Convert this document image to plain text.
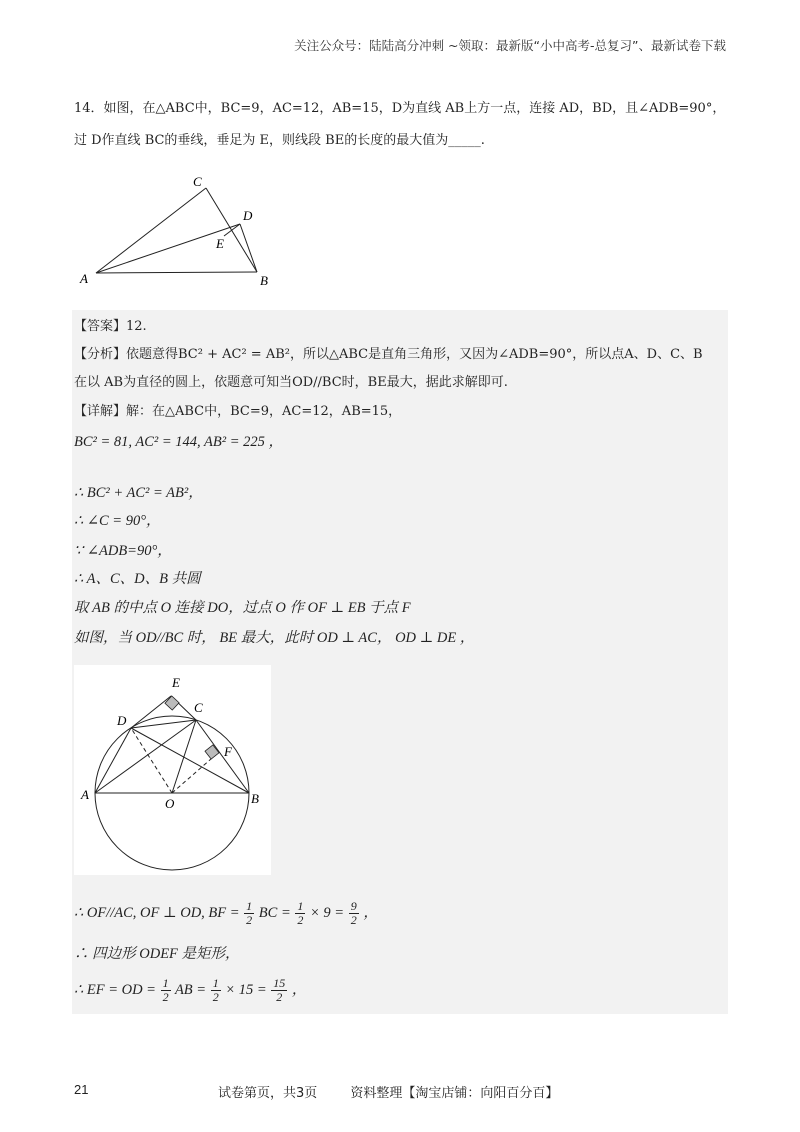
关注公众号：陆陆高分冲刺 ~领取：最新版“小中高考-总复习”、最新试卷下载
14．如图，在△ABC中，BC=9，AC=12，AB=15，D为直线 AB上方一点，连接 AD，BD，且∠ADB=90°，
过 D作直线 BC的垂线，垂足为 E，则线段 BE的长度的最大值为_____.
C
D
E
A	B
【答案】12.
【分析】依题意得BC² + AC² = AB²，所以△ABC是直角三角形，又因为∠ADB=90°，所以点A、D、C、B
在以 AB为直径的圆上，依题意可知当OD//BC时，BE最大，据此求解即可.
【详解】解：在△ABC中，BC=9，AC=12，AB=15，
BC² = 81, AC² = 144, AB² = 225 ，
∴ BC² + AC² = AB²，
∴ ∠C = 90°，
∵ ∠ADB=90°，
∴ A、C、D、B 共圆
取 AB 的中点 O 连接 DO，过点 O 作 OF ⊥ EB 于点 F
如图，当 OD//BC 时， BE 最大，此时 OD ⊥ AC， OD ⊥ DE ，
E
D
C
F
A
O	B
∴ OF//AC, OF ⊥ OD, BF = $\frac{1}{2}$ BC = $\frac{1}{2} \times 9 = \frac{9}{2}$ ，
∴ 四边形 ODEF 是矩形，
∴ EF = OD = $\frac{1}{2}$ AB = $\frac{1}{2} \times 15 = \frac{15}{2}$ ，
21	试卷第页，共3页        资料整理【淘宝店铺：向阳百分百】
